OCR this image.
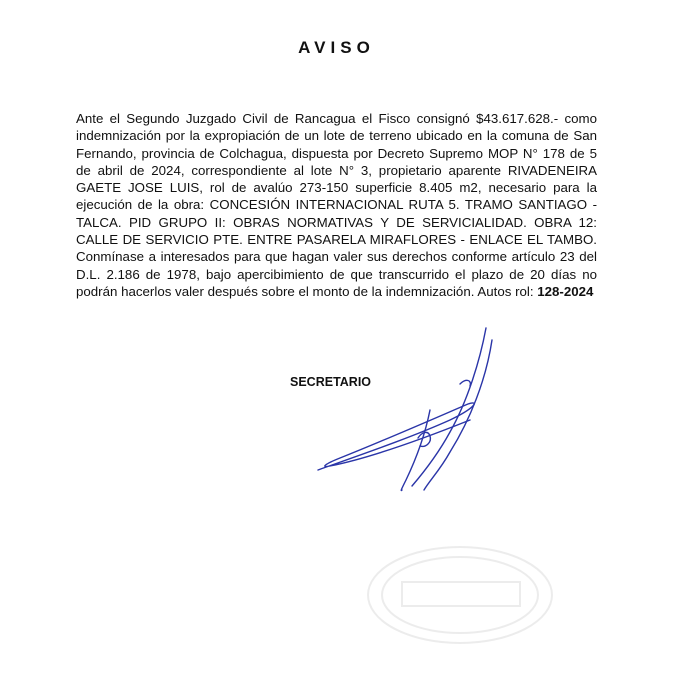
AVISO
Ante el Segundo Juzgado Civil de Rancagua el Fisco consignó $43.617.628.- como indemnización por la expropiación de un lote de terreno ubicado en la comuna de San Fernando, provincia de Colchagua, dispuesta por Decreto Supremo MOP N° 178 de 5 de abril de 2024, correspondiente al lote N° 3, propietario aparente RIVADENEIRA GAETE JOSE LUIS, rol de avalúo 273-150 superficie 8.405 m2, necesario para la ejecución de la obra: CONCESIÓN INTERNACIONAL RUTA 5. TRAMO SANTIAGO - TALCA. PID GRUPO II: OBRAS NORMATIVAS Y DE SERVICIALIDAD. OBRA 12: CALLE DE SERVICIO PTE. ENTRE PASARELA MIRAFLORES - ENLACE EL TAMBO. Conmínase a interesados para que hagan valer sus derechos conforme artículo 23 del D.L. 2.186 de 1978, bajo apercibimiento de que transcurrido el plazo de 20 días no podrán hacerlos valer después sobre el monto de la indemnización. Autos rol: 128-2024
SECRETARIO
